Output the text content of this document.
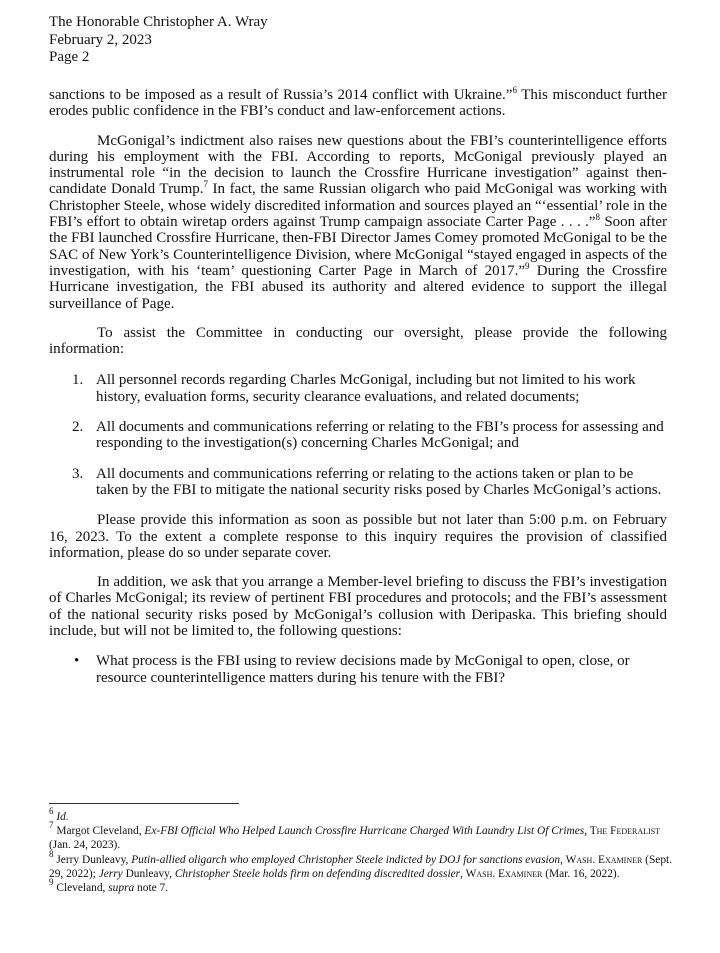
The Honorable Christopher A. Wray
February 2, 2023
Page 2

sanctions to be imposed as a result of Russia’s 2014 conflict with Ukraine.”$^6$ This misconduct further erodes public confidence in the FBI’s conduct and law-enforcement actions.

McGonigal’s indictment also raises new questions about the FBI’s counterintelligence efforts during his employment with the FBI. According to reports, McGonigal previously played an instrumental role “in the decision to launch the Crossfire Hurricane investigation” against then-candidate Donald Trump.$^7$ In fact, the same Russian oligarch who paid McGonigal was working with Christopher Steele, whose widely discredited information and sources played an “‘essential’ role in the FBI’s effort to obtain wiretap orders against Trump campaign associate Carter Page . . . .”$^8$ Soon after the FBI launched Crossfire Hurricane, then-FBI Director James Comey promoted McGonigal to be the SAC of New York’s Counterintelligence Division, where McGonigal “stayed engaged in aspects of the investigation, with his ‘team’ questioning Carter Page in March of 2017.”$^9$ During the Crossfire Hurricane investigation, the FBI abused its authority and altered evidence to support the illegal surveillance of Page.

To assist the Committee in conducting our oversight, please provide the following information:

1. All personnel records regarding Charles McGonigal, including but not limited to his work history, evaluation forms, security clearance evaluations, and related documents;
2. All documents and communications referring or relating to the FBI’s process for assessing and responding to the investigation(s) concerning Charles McGonigal; and
3. All documents and communications referring or relating to the actions taken or plan to be taken by the FBI to mitigate the national security risks posed by Charles McGonigal’s actions.

Please provide this information as soon as possible but not later than 5:00 p.m. on February 16, 2023. To the extent a complete response to this inquiry requires the provision of classified information, please do so under separate cover.

In addition, we ask that you arrange a Member-level briefing to discuss the FBI’s investigation of Charles McGonigal; its review of pertinent FBI procedures and protocols; and the FBI’s assessment of the national security risks posed by McGonigal’s collusion with Deripaska. This briefing should include, but will not be limited to, the following questions:

•	What process is the FBI using to review decisions made by McGonigal to open, close, or resource counterintelligence matters during his tenure with the FBI?
$^6$ Id.
$^7$ Margot Cleveland, Ex-FBI Official Who Helped Launch Crossfire Hurricane Charged With Laundry List Of Crimes, The Federalist (Jan. 24, 2023).
$^8$ Jerry Dunleavy, Putin-allied oligarch who employed Christopher Steele indicted by DOJ for sanctions evasion, Wash. Examiner (Sept. 29, 2022); Jerry Dunleavy, Christopher Steele holds firm on defending discredited dossier, Wash. Examiner (Mar. 16, 2022).
$^9$ Cleveland, supra note 7.
